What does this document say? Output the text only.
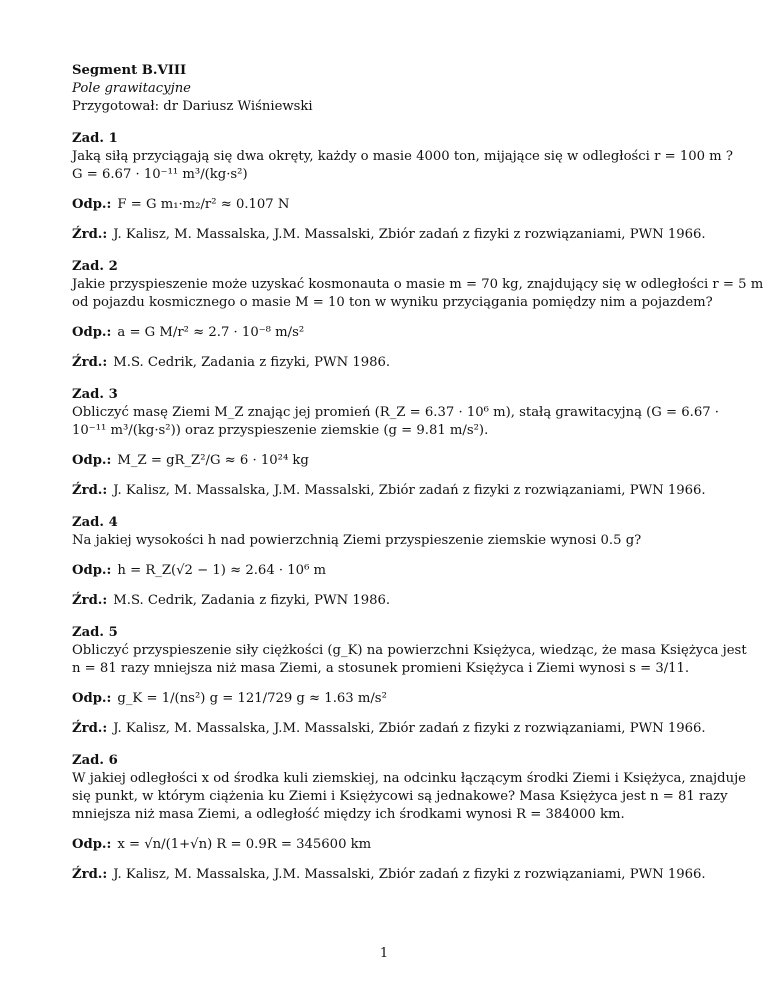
Segment B.VIII
Pole grawitacyjne
Przygotował: dr Dariusz Wiśniewski
Zad. 1
Jaką siłą przyciągają się dwa okręty, każdy o masie 4000 ton, mijające się w odległości r = 100 m ?
G = 6.67 · 10⁻¹¹ m³/(kg·s²)
Odp.: F = G m₁·m₂/r² ≈ 0.107 N
Źrd.: J. Kalisz, M. Massalska, J.M. Massalski, Zbiór zadań z fizyki z rozwiązaniami, PWN 1966.
Zad. 2
Jakie przyspieszenie może uzyskać kosmonauta o masie m = 70 kg, znajdujący się w odległości r = 5 m
od pojazdu kosmicznego o masie M = 10 ton w wyniku przyciągania pomiędzy nim a pojazdem?
Odp.: a = G M/r² ≈ 2.7 · 10⁻⁸ m/s²
Źrd.: M.S. Cedrik, Zadania z fizyki, PWN 1986.
Zad. 3
Obliczyć masę Ziemi M_Z znając jej promień (R_Z = 6.37 · 10⁶ m), stałą grawitacyjną (G = 6.67 ·
10⁻¹¹ m³/(kg·s²)) oraz przyspieszenie ziemskie (g = 9.81 m/s²).
Odp.: M_Z = gR_Z²/G ≈ 6 · 10²⁴ kg
Źrd.: J. Kalisz, M. Massalska, J.M. Massalski, Zbiór zadań z fizyki z rozwiązaniami, PWN 1966.
Zad. 4
Na jakiej wysokości h nad powierzchnią Ziemi przyspieszenie ziemskie wynosi 0.5 g?
Odp.: h = R_Z(√2 − 1) ≈ 2.64 · 10⁶ m
Źrd.: M.S. Cedrik, Zadania z fizyki, PWN 1986.
Zad. 5
Obliczyć przyspieszenie siły ciężkości (g_K) na powierzchni Księżyca, wiedząc, że masa Księżyca jest
n = 81 razy mniejsza niż masa Ziemi, a stosunek promieni Księżyca i Ziemi wynosi s = 3/11.
Odp.: g_K = 1/(ns²) g = 121/729 g ≈ 1.63 m/s²
Źrd.: J. Kalisz, M. Massalska, J.M. Massalski, Zbiór zadań z fizyki z rozwiązaniami, PWN 1966.
Zad. 6
W jakiej odległości x od środka kuli ziemskiej, na odcinku łączącym środki Ziemi i Księżyca, znajduje
się punkt, w którym ciążenia ku Ziemi i Księżycowi są jednakowe? Masa Księżyca jest n = 81 razy
mniejsza niż masa Ziemi, a odległość między ich środkami wynosi R = 384000 km.
Odp.: x = √n/(1+√n) R = 0.9R = 345600 km
Źrd.: J. Kalisz, M. Massalska, J.M. Massalski, Zbiór zadań z fizyki z rozwiązaniami, PWN 1966.
1
